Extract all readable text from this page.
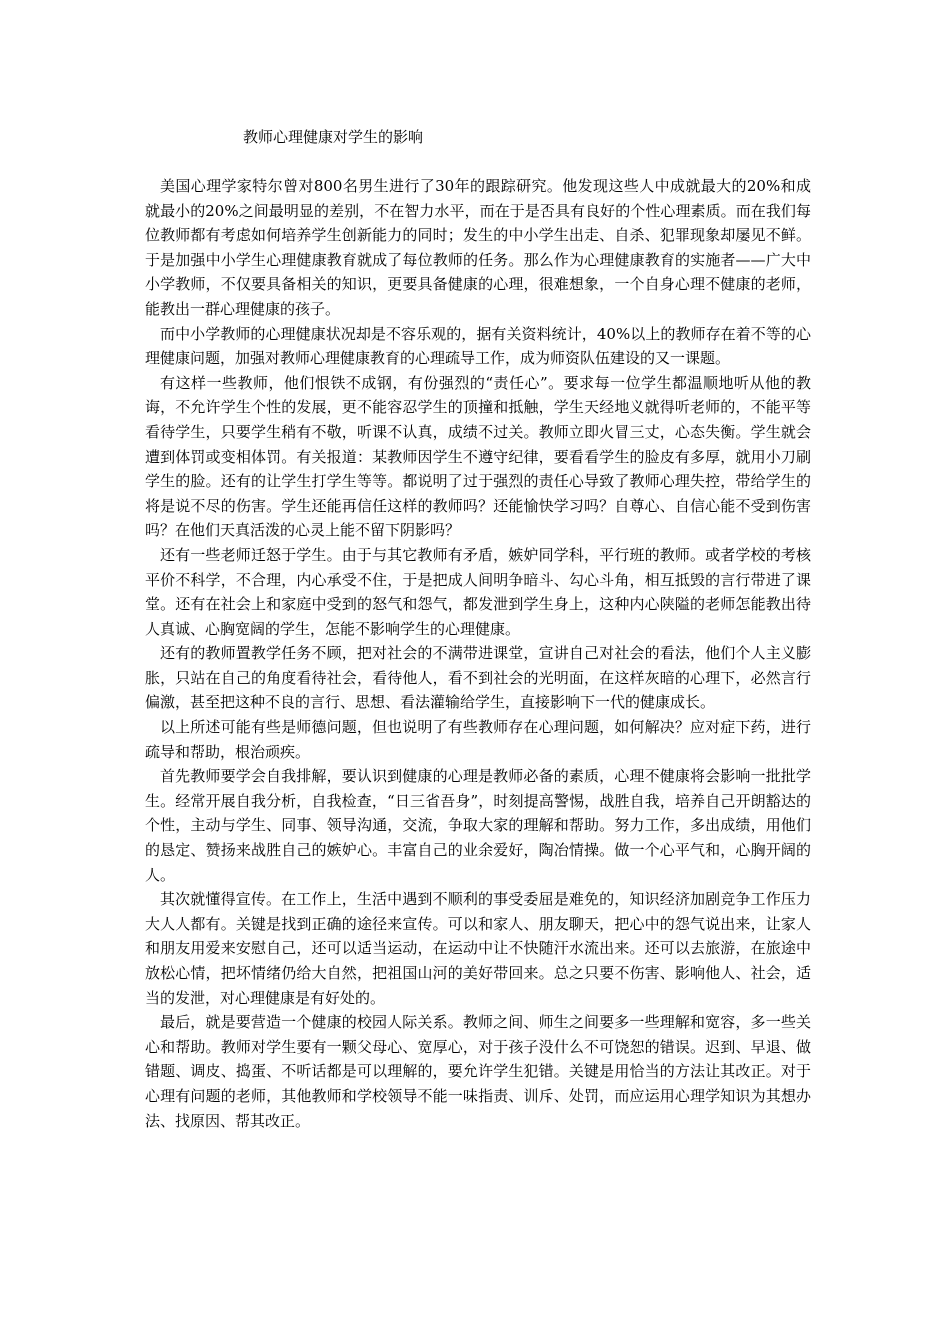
教师心理健康对学生的影响

美国心理学家特尔曾对800名男生进行了30年的跟踪研究。他发现这些人中成就最大的20%和成就最小的20%之间最明显的差别，不在智力水平，而在于是否具有良好的个性心理素质。而在我们每位教师都有考虑如何培养学生创新能力的同时；发生的中小学生出走、自杀、犯罪现象却屡见不鲜。于是加强中小学生心理健康教育就成了每位教师的任务。那么作为心理健康教育的实施者——广大中小学教师，不仅要具备相关的知识，更要具备健康的心理，很难想象，一个自身心理不健康的老师，能教出一群心理健康的孩子。

而中小学教师的心理健康状况却是不容乐观的，据有关资料统计，40%以上的教师存在着不等的心理健康问题，加强对教师心理健康教育的心理疏导工作，成为师资队伍建设的又一课题。

有这样一些教师，他们恨铁不成钢，有份强烈的“责任心”。要求每一位学生都温顺地听从他的教诲，不允许学生个性的发展，更不能容忍学生的顶撞和抵触，学生天经地义就得听老师的，不能平等看待学生，只要学生稍有不敬，听课不认真，成绩不过关。教师立即火冒三丈，心态失衡。学生就会遭到体罚或变相体罚。有关报道：某教师因学生不遵守纪律，要看看学生的脸皮有多厚，就用小刀刷学生的脸。还有的让学生打学生等等。都说明了过于强烈的责任心导致了教师心理失控，带给学生的将是说不尽的伤害。学生还能再信任这样的教师吗？还能愉快学习吗？自尊心、自信心能不受到伤害吗？在他们天真活泼的心灵上能不留下阴影吗？

还有一些老师迁怒于学生。由于与其它教师有矛盾，嫉妒同学科，平行班的教师。或者学校的考核平价不科学，不合理，内心承受不住，于是把成人间明争暗斗、勾心斗角，相互抵毁的言行带进了课堂。还有在社会上和家庭中受到的怒气和怨气，都发泄到学生身上，这种内心陕隘的老师怎能教出待人真诚、心胸宽阔的学生，怎能不影响学生的心理健康。

还有的教师置教学任务不顾，把对社会的不满带进课堂，宣讲自己对社会的看法，他们个人主义膨胀，只站在自己的角度看待社会，看待他人，看不到社会的光明面，在这样灰暗的心理下，必然言行偏激，甚至把这种不良的言行、思想、看法灌输给学生，直接影响下一代的健康成长。

以上所述可能有些是师德问题，但也说明了有些教师存在心理问题，如何解决？应对症下药，进行疏导和帮助，根治顽疾。

首先教师要学会自我排解，要认识到健康的心理是教师必备的素质，心理不健康将会影响一批批学生。经常开展自我分析，自我检查，“日三省吾身”，时刻提高警惕，战胜自我，培养自己开朗豁达的个性，主动与学生、同事、领导沟通，交流，争取大家的理解和帮助。努力工作，多出成绩，用他们的恳定、赞扬来战胜自己的嫉妒心。丰富自己的业余爱好，陶冶情操。做一个心平气和，心胸开阔的人。

其次就懂得宣传。在工作上，生活中遇到不顺利的事受委屈是难免的，知识经济加剧竞争工作压力大人人都有。关键是找到正确的途径来宣传。可以和家人、朋友聊天，把心中的怨气说出来，让家人和朋友用爱来安慰自己，还可以适当运动，在运动中让不快随汗水流出来。还可以去旅游，在旅途中放松心情，把坏情绪仍给大自然，把祖国山河的美好带回来。总之只要不伤害、影响他人、社会，适当的发泄，对心理健康是有好处的。

最后，就是要营造一个健康的校园人际关系。教师之间、师生之间要多一些理解和宽容，多一些关心和帮助。教师对学生要有一颗父母心、宽厚心，对于孩子没什么不可饶恕的错误。迟到、早退、做错题、调皮、捣蛋、不听话都是可以理解的，要允许学生犯错。关键是用恰当的方法让其改正。对于心理有问题的老师，其他教师和学校领导不能一味指责、训斥、处罚，而应运用心理学知识为其想办法、找原因、帮其改正。
